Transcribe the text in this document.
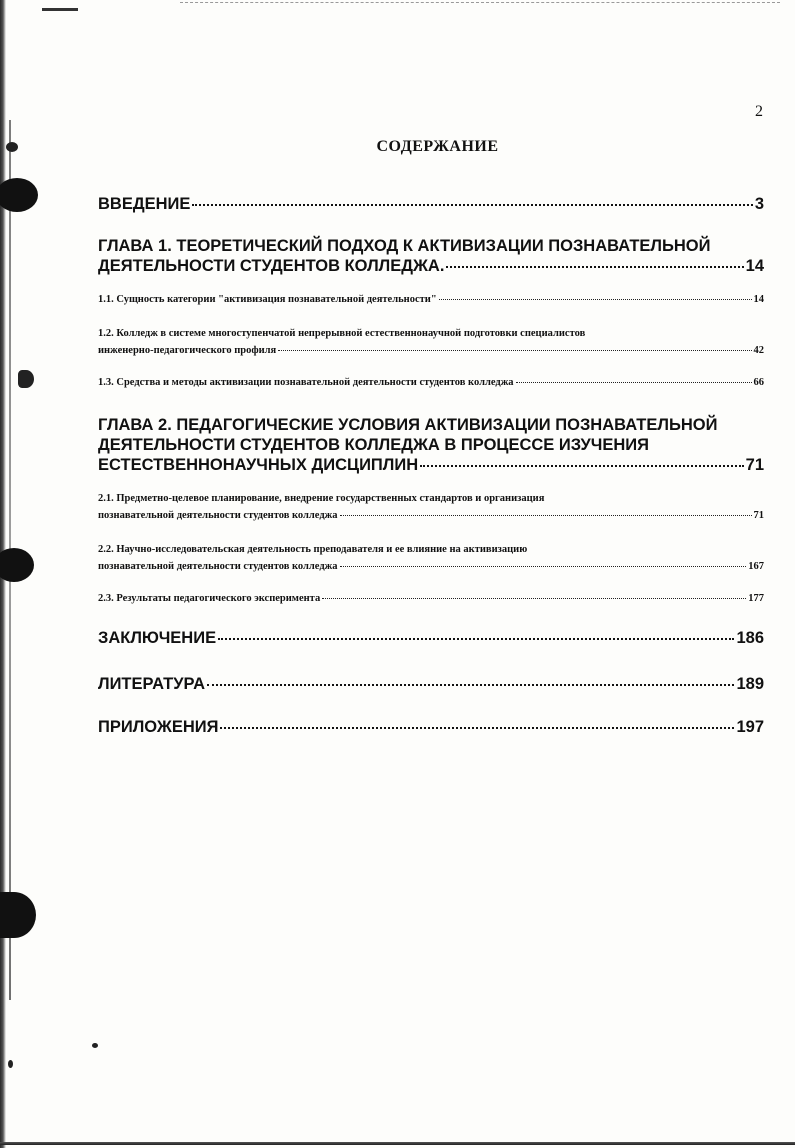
2
СОДЕРЖАНИЕ
ВВЕДЕНИЕ	3
ГЛАВА 1. ТЕОРЕТИЧЕСКИЙ ПОДХОД К АКТИВИЗАЦИИ ПОЗНАВАТЕЛЬНОЙ
ДЕЯТЕЛЬНОСТИ СТУДЕНТОВ КОЛЛЕДЖА.	14
1.1. Сущность категории "активизация познавательной деятельности"	14
1.2. Колледж в системе многоступенчатой непрерывной естественнонаучной подготовки специалистов
инженерно-педагогического профиля	42
1.3. Средства и методы активизации познавательной деятельности студентов колледжа	66
ГЛАВА 2. ПЕДАГОГИЧЕСКИЕ УСЛОВИЯ АКТИВИЗАЦИИ ПОЗНАВАТЕЛЬНОЙ
ДЕЯТЕЛЬНОСТИ СТУДЕНТОВ КОЛЛЕДЖА В ПРОЦЕССЕ ИЗУЧЕНИЯ
ЕСТЕСТВЕННОНАУЧНЫХ ДИСЦИПЛИН	71
2.1. Предметно-целевое планирование, внедрение государственных стандартов и организация
познавательной деятельности студентов колледжа	71
2.2. Научно-исследовательская деятельность преподавателя и ее влияние на активизацию
познавательной деятельности студентов колледжа	167
2.3. Результаты педагогического эксперимента	177
ЗАКЛЮЧЕНИЕ	186
ЛИТЕРАТУРА	189
ПРИЛОЖЕНИЯ	197
